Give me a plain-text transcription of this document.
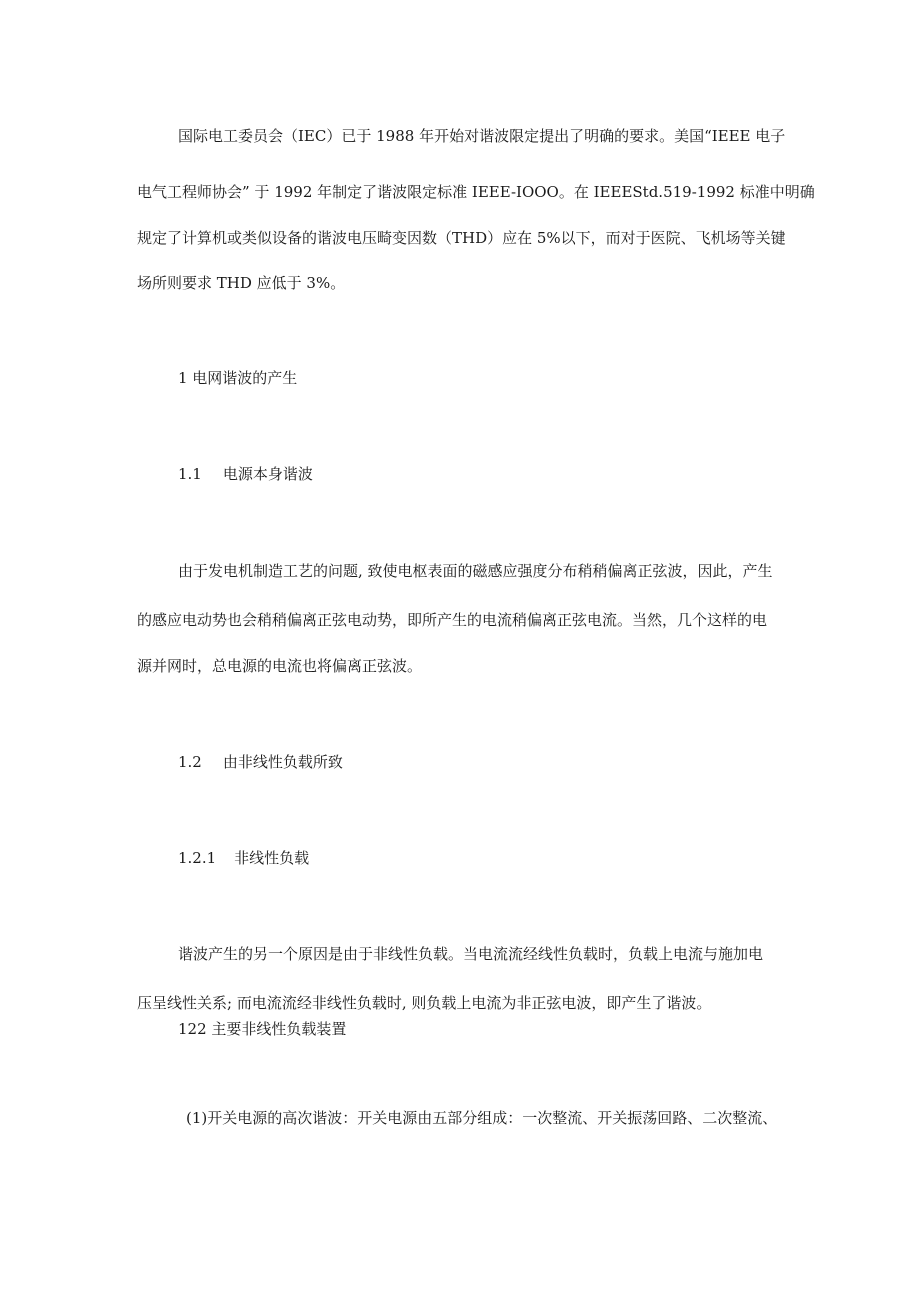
国际电工委员会（IEC）已于 1988 年开始对谐波限定提出了明确的要求。美国“IEEE 电子
电气工程师协会” 于 1992 年制定了谐波限定标准 IEEE-IOOO。在 IEEEStd.519-1992 标准中明确
规定了计算机或类似设备的谐波电压畸变因数（THD）应在 5%以下，而对于医院、飞机场等关键
场所则要求 THD 应低于 3%。
1 电网谐波的产生
1.1 电源本身谐波
由于发电机制造工艺的问题, 致使电枢表面的磁感应强度分布稍稍偏离正弦波，因此，产生
的感应电动势也会稍稍偏离正弦电动势，即所产生的电流稍偏离正弦电流。当然，几个这样的电
源并网时，总电源的电流也将偏离正弦波。
1.2 由非线性负载所致
1.2.1 非线性负载
谐波产生的另一个原因是由于非线性负载。当电流流经线性负载时，负载上电流与施加电
压呈线性关系; 而电流流经非线性负载时, 则负载上电流为非正弦电波，即产生了谐波。
122 主要非线性负载装置
(1)开关电源的高次谐波：开关电源由五部分组成：一次整流、开关振荡回路、二次整流、
